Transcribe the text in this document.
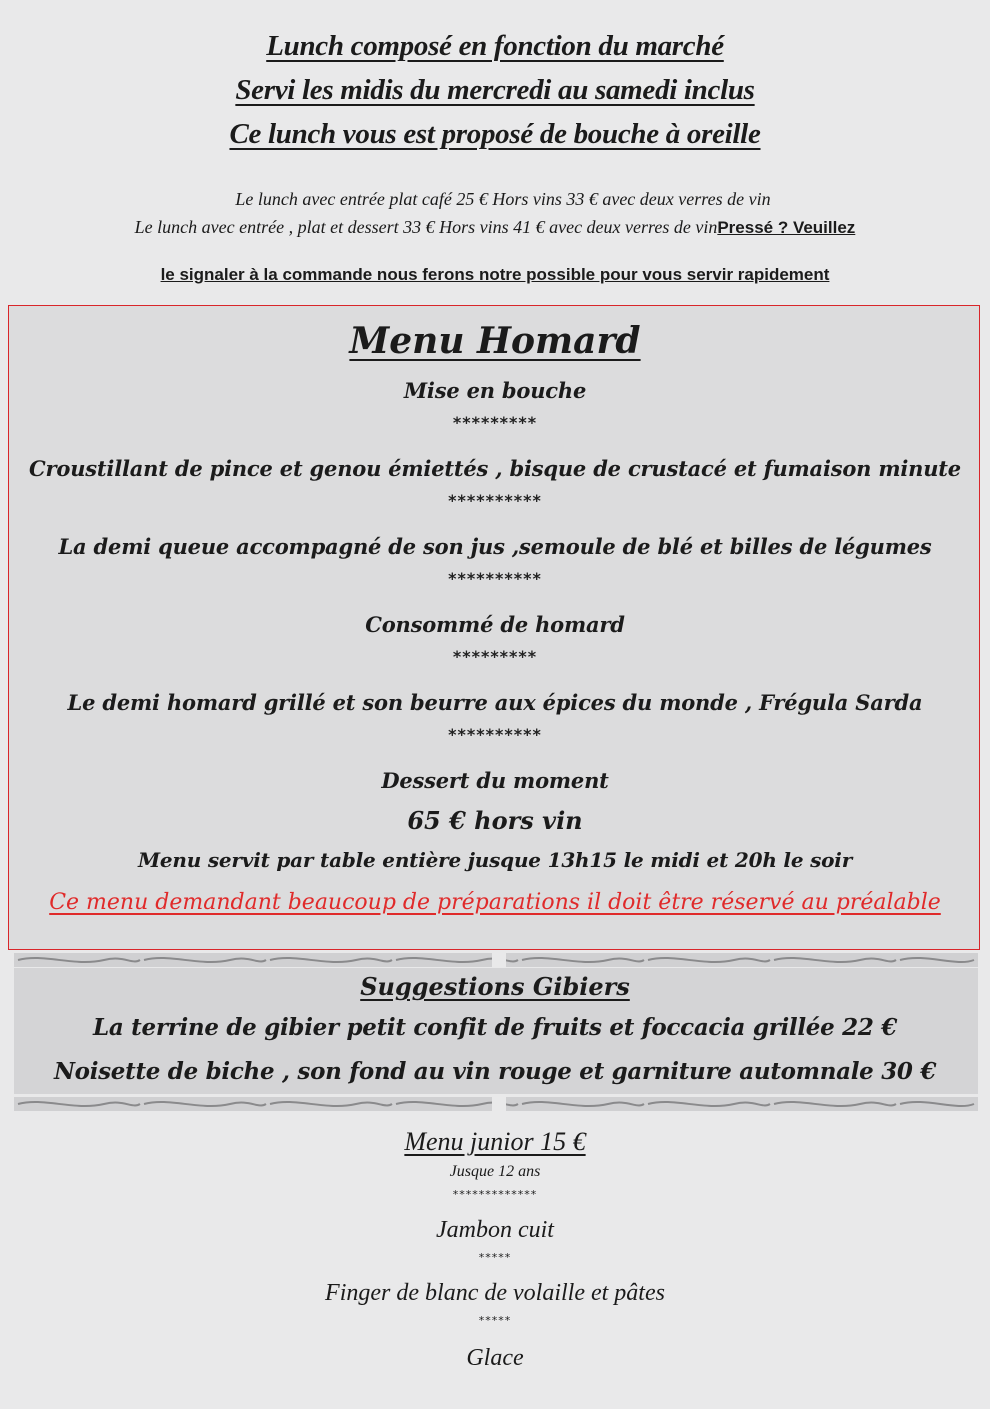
Lunch composé en fonction du marché
Servi les midis du mercredi au samedi inclus
Ce lunch vous est proposé de bouche à oreille
Le lunch avec entrée plat café 25 € Hors vins 33 € avec deux verres de vin
Le lunch avec entrée , plat et dessert 33 € Hors vins 41 € avec deux verres de vinPressé ? Veuillez
le signaler à la commande nous ferons notre possible pour vous servir rapidement
Menu Homard
Mise en bouche
*********
Croustillant de pince et genou émiettés , bisque de crustacé et fumaison minute
**********
La demi queue accompagné de son jus ,semoule de blé et billes de légumes
**********
Consommé de homard
*********
Le demi homard grillé et son beurre aux épices du monde , Frégula Sarda
**********
Dessert du moment
65 € hors vin
Menu servit par table entière jusque 13h15 le midi et 20h le soir
Ce menu demandant beaucoup de préparations il doit être réservé au préalable
Suggestions Gibiers
La terrine de gibier petit confit de fruits et foccacia grillée 22 €
Noisette de biche , son fond au vin rouge et garniture automnale 30 €
Menu junior 15 €
Jusque 12 ans
*************
Jambon cuit
*****
Finger de blanc de volaille et pâtes
*****
Glace
